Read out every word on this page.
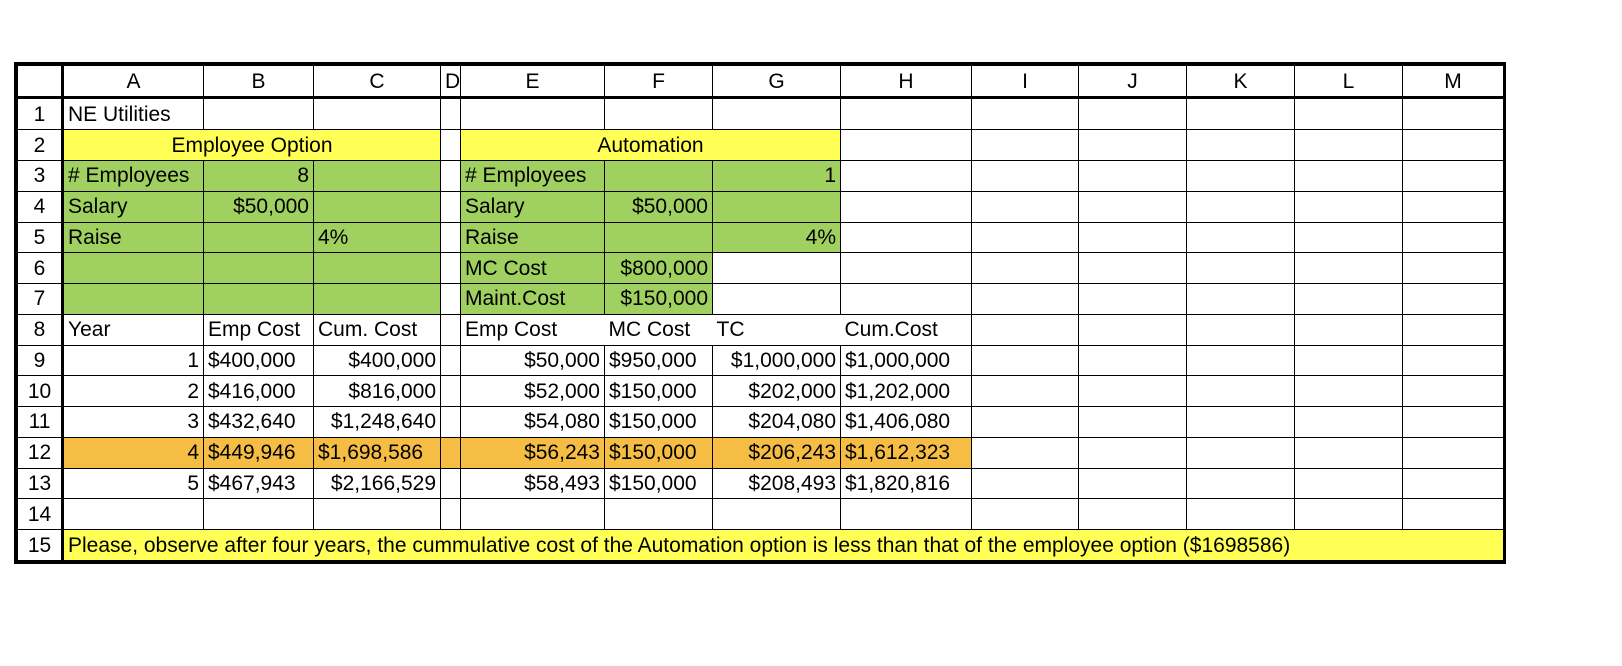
	A	B	C	D	E	F	G	H	I	J	K	L	M
1	NE Utilities												
2	Employee Option				Automation								
3	# Employees	8			# Employees		1						
4	Salary	$50,000			Salary	$50,000							
5	Raise		4%		Raise		4%						
6					MC Cost	$800,000							
7					Maint.Cost	$150,000							
8	Year	Emp Cost	Cum. Cost		Emp Cost	MC Cost	TC	Cum.Cost					
9	1	$400,000	$400,000		$50,000	$950,000	$1,000,000	$1,000,000					
10	2	$416,000	$816,000		$52,000	$150,000	$202,000	$1,202,000					
11	3	$432,640	$1,248,640		$54,080	$150,000	$204,080	$1,406,080					
12	4	$449,946	$1,698,586		$56,243	$150,000	$206,243	$1,612,323					
13	5	$467,943	$2,166,529		$58,493	$150,000	$208,493	$1,820,816					
14													
15	Please, observe after four years, the cummulative cost of the Automation option is less than that of the employee option ($1698586)												
